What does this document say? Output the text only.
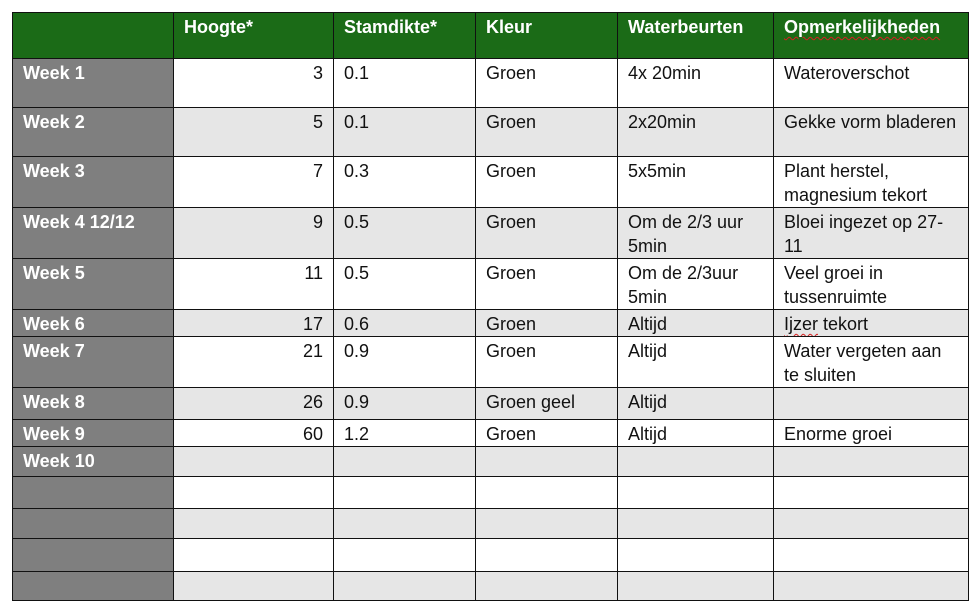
	Hoogte*	Stamdikte*	Kleur	Waterbeurten	Opmerkelijkheden
Week 1	3	0.1	Groen	4x 20min	Wateroverschot
Week 2	5	0.1	Groen	2x20min	Gekke vorm bladeren
Week 3	7	0.3	Groen	5x5min	Plant herstel, magnesium tekort
Week 4 12/12	9	0.5	Groen	Om de 2/3 uur 5min	Bloei ingezet op 27-11
Week 5	11	0.5	Groen	Om de 2/3uur 5min	Veel groei in tussenruimte
Week 6	17	0.6	Groen	Altijd	Ijzer tekort
Week 7	21	0.9	Groen	Altijd	Water vergeten aan te sluiten
Week 8	26	0.9	Groen geel	Altijd	
Week 9	60	1.2	Groen	Altijd	Enorme groei
Week 10					
